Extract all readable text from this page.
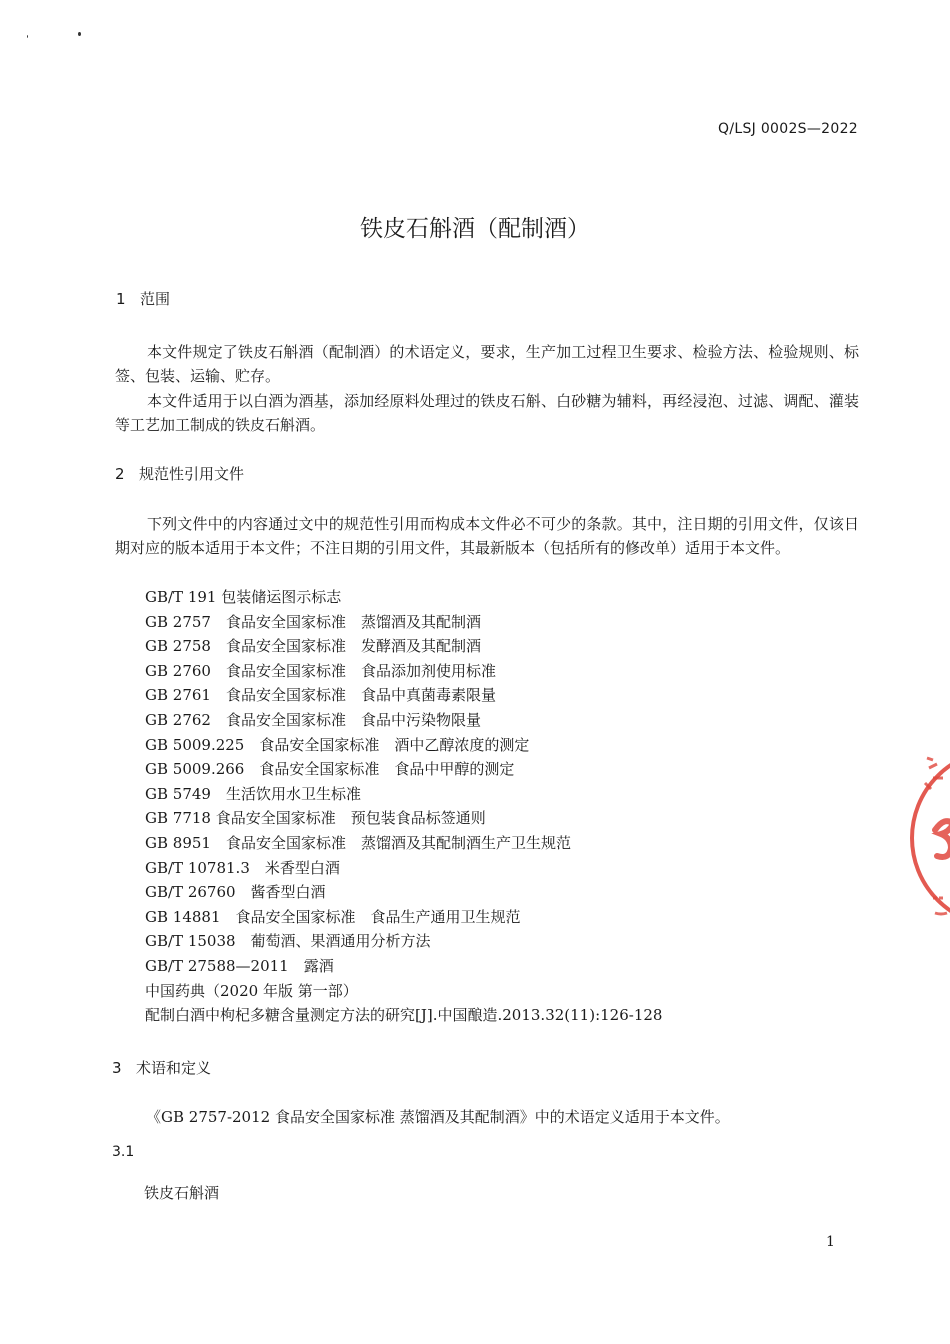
Q/LSJ 0002S—2022
铁皮石斛酒（配制酒）
1 范围
本文件规定了铁皮石斛酒（配制酒）的术语定义，要求，生产加工过程卫生要求、检验方法、检验规则、标签、包装、运输、贮存。
本文件适用于以白酒为酒基，添加经原料处理过的铁皮石斛、白砂糖为辅料，再经浸泡、过滤、调配、灌装等工艺加工制成的铁皮石斛酒。
2 规范性引用文件
下列文件中的内容通过文中的规范性引用而构成本文件必不可少的条款。其中，注日期的引用文件，仅该日期对应的版本适用于本文件；不注日期的引用文件，其最新版本（包括所有的修改单）适用于本文件。
GB/T 191 包装储运图示标志
GB 2757　食品安全国家标准　蒸馏酒及其配制酒
GB 2758　食品安全国家标准　发酵酒及其配制酒
GB 2760　食品安全国家标准　食品添加剂使用标准
GB 2761　食品安全国家标准　食品中真菌毒素限量
GB 2762　食品安全国家标准　食品中污染物限量
GB 5009.225　食品安全国家标准　酒中乙醇浓度的测定
GB 5009.266　食品安全国家标准　食品中甲醇的测定
GB 5749　生活饮用水卫生标准
GB 7718 食品安全国家标准　预包装食品标签通则
GB 8951　食品安全国家标准　蒸馏酒及其配制酒生产卫生规范
GB/T 10781.3　米香型白酒
GB/T 26760　酱香型白酒
GB 14881　食品安全国家标准　食品生产通用卫生规范
GB/T 15038　葡萄酒、果酒通用分析方法
GB/T 27588—2011　露酒
中国药典（2020 年版 第一部）
配制白酒中枸杞多糖含量测定方法的研究[J].中国酿造.2013.32(11):126-128
3 术语和定义
《GB 2757-2012 食品安全国家标准 蒸馏酒及其配制酒》中的术语定义适用于本文件。
3.1
铁皮石斛酒
1
